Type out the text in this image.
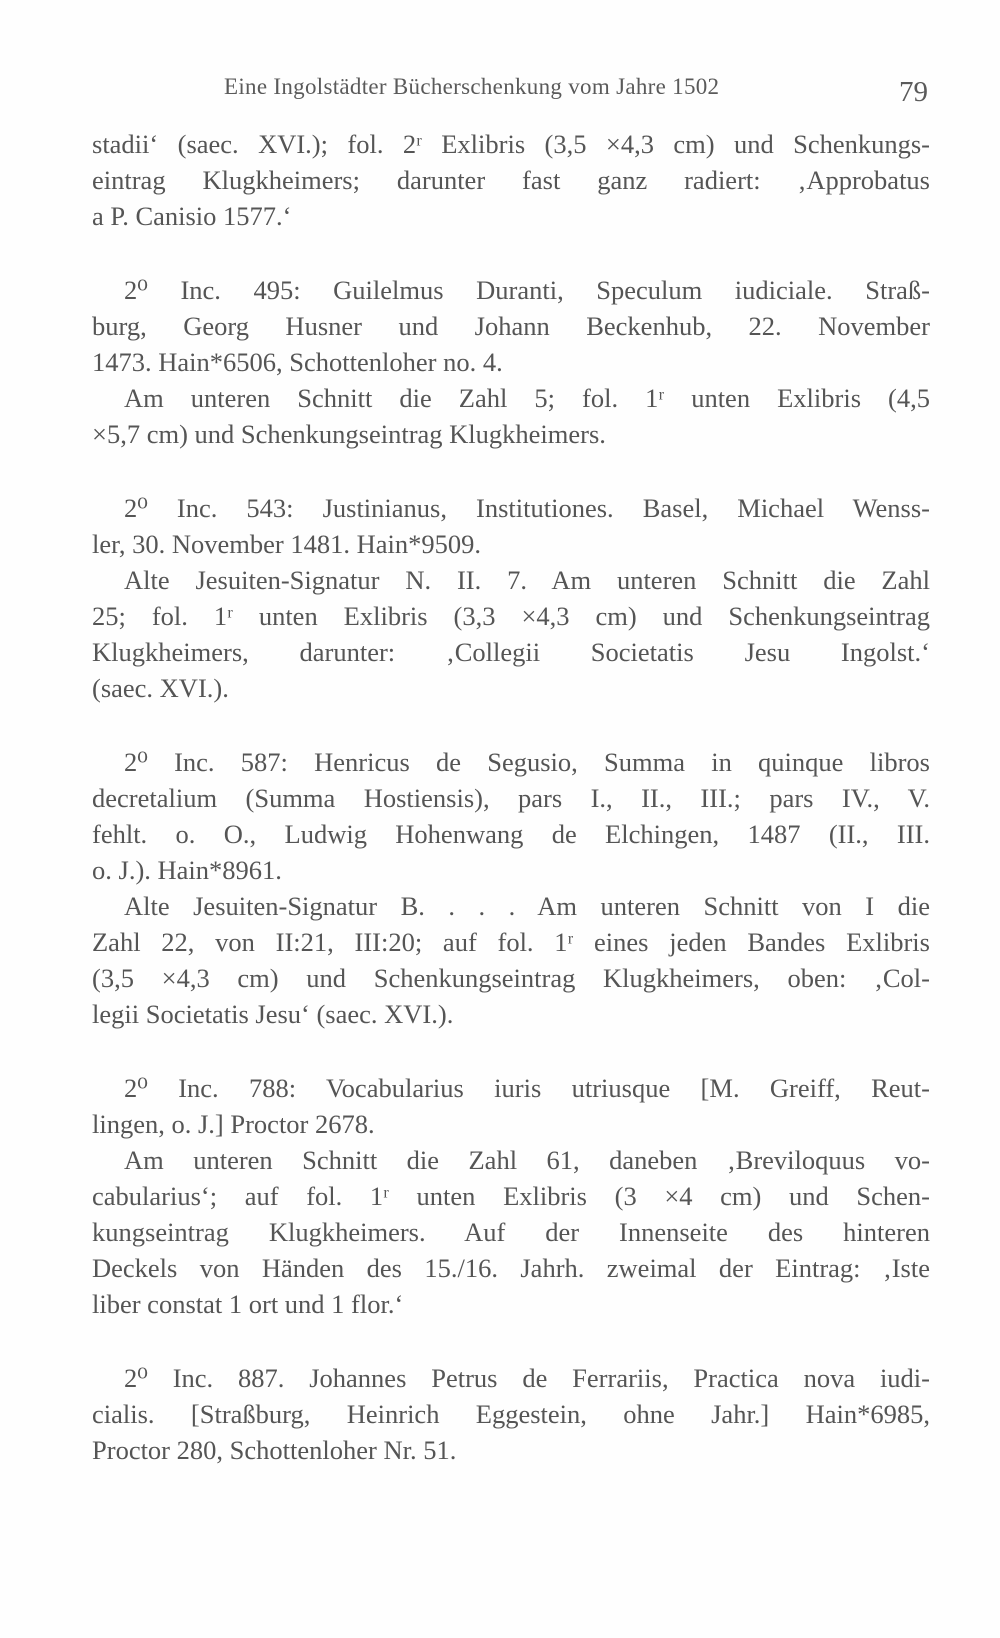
Eine Ingolstädter Bücherschenkung vom Jahre 1502	79
stadii‘ (saec. XVI.); fol. 2ʳ Exlibris (3,5 ×4,3 cm) und Schenkungs-
eintrag Klugkheimers; darunter fast ganz radiert: ‚Approbatus
a P. Canisio 1577.‘
2⁰ Inc. 495: Guilelmus Duranti, Speculum iudiciale. Straß-
burg, Georg Husner und Johann Beckenhub, 22. November
1473. Hain*6506, Schottenloher no. 4.
Am unteren Schnitt die Zahl 5; fol. 1ʳ unten Exlibris (4,5
×5,7 cm) und Schenkungseintrag Klugkheimers.
2⁰ Inc. 543: Justinianus, Institutiones. Basel, Michael Wenss-
ler, 30. November 1481. Hain*9509.
Alte Jesuiten-Signatur N. II. 7. Am unteren Schnitt die Zahl
25; fol. 1ʳ unten Exlibris (3,3 ×4,3 cm) und Schenkungseintrag
Klugkheimers, darunter: ‚Collegii Societatis Jesu Ingolst.‘
(saec. XVI.).
2⁰ Inc. 587: Henricus de Segusio, Summa in quinque libros
decretalium (Summa Hostiensis), pars I., II., III.; pars IV., V.
fehlt. o. O., Ludwig Hohenwang de Elchingen, 1487 (II., III.
o. J.). Hain*8961.
Alte Jesuiten-Signatur B. . . . Am unteren Schnitt von I die
Zahl 22, von II:21, III:20; auf fol. 1ʳ eines jeden Bandes Exlibris
(3,5 ×4,3 cm) und Schenkungseintrag Klugkheimers, oben: ‚Col-
legii Societatis Jesu‘ (saec. XVI.).
2⁰ Inc. 788: Vocabularius iuris utriusque [M. Greiff, Reut-
lingen, o. J.] Proctor 2678.
Am unteren Schnitt die Zahl 61, daneben ‚Breviloquus vo-
cabularius‘; auf fol. 1ʳ unten Exlibris (3 ×4 cm) und Schen-
kungseintrag Klugkheimers. Auf der Innenseite des hinteren
Deckels von Händen des 15./16. Jahrh. zweimal der Eintrag: ‚Iste
liber constat 1 ort und 1 flor.‘
2⁰ Inc. 887. Johannes Petrus de Ferrariis, Practica nova iudi-
cialis. [Straßburg, Heinrich Eggestein, ohne Jahr.] Hain*6985,
Proctor 280, Schottenloher Nr. 51.
